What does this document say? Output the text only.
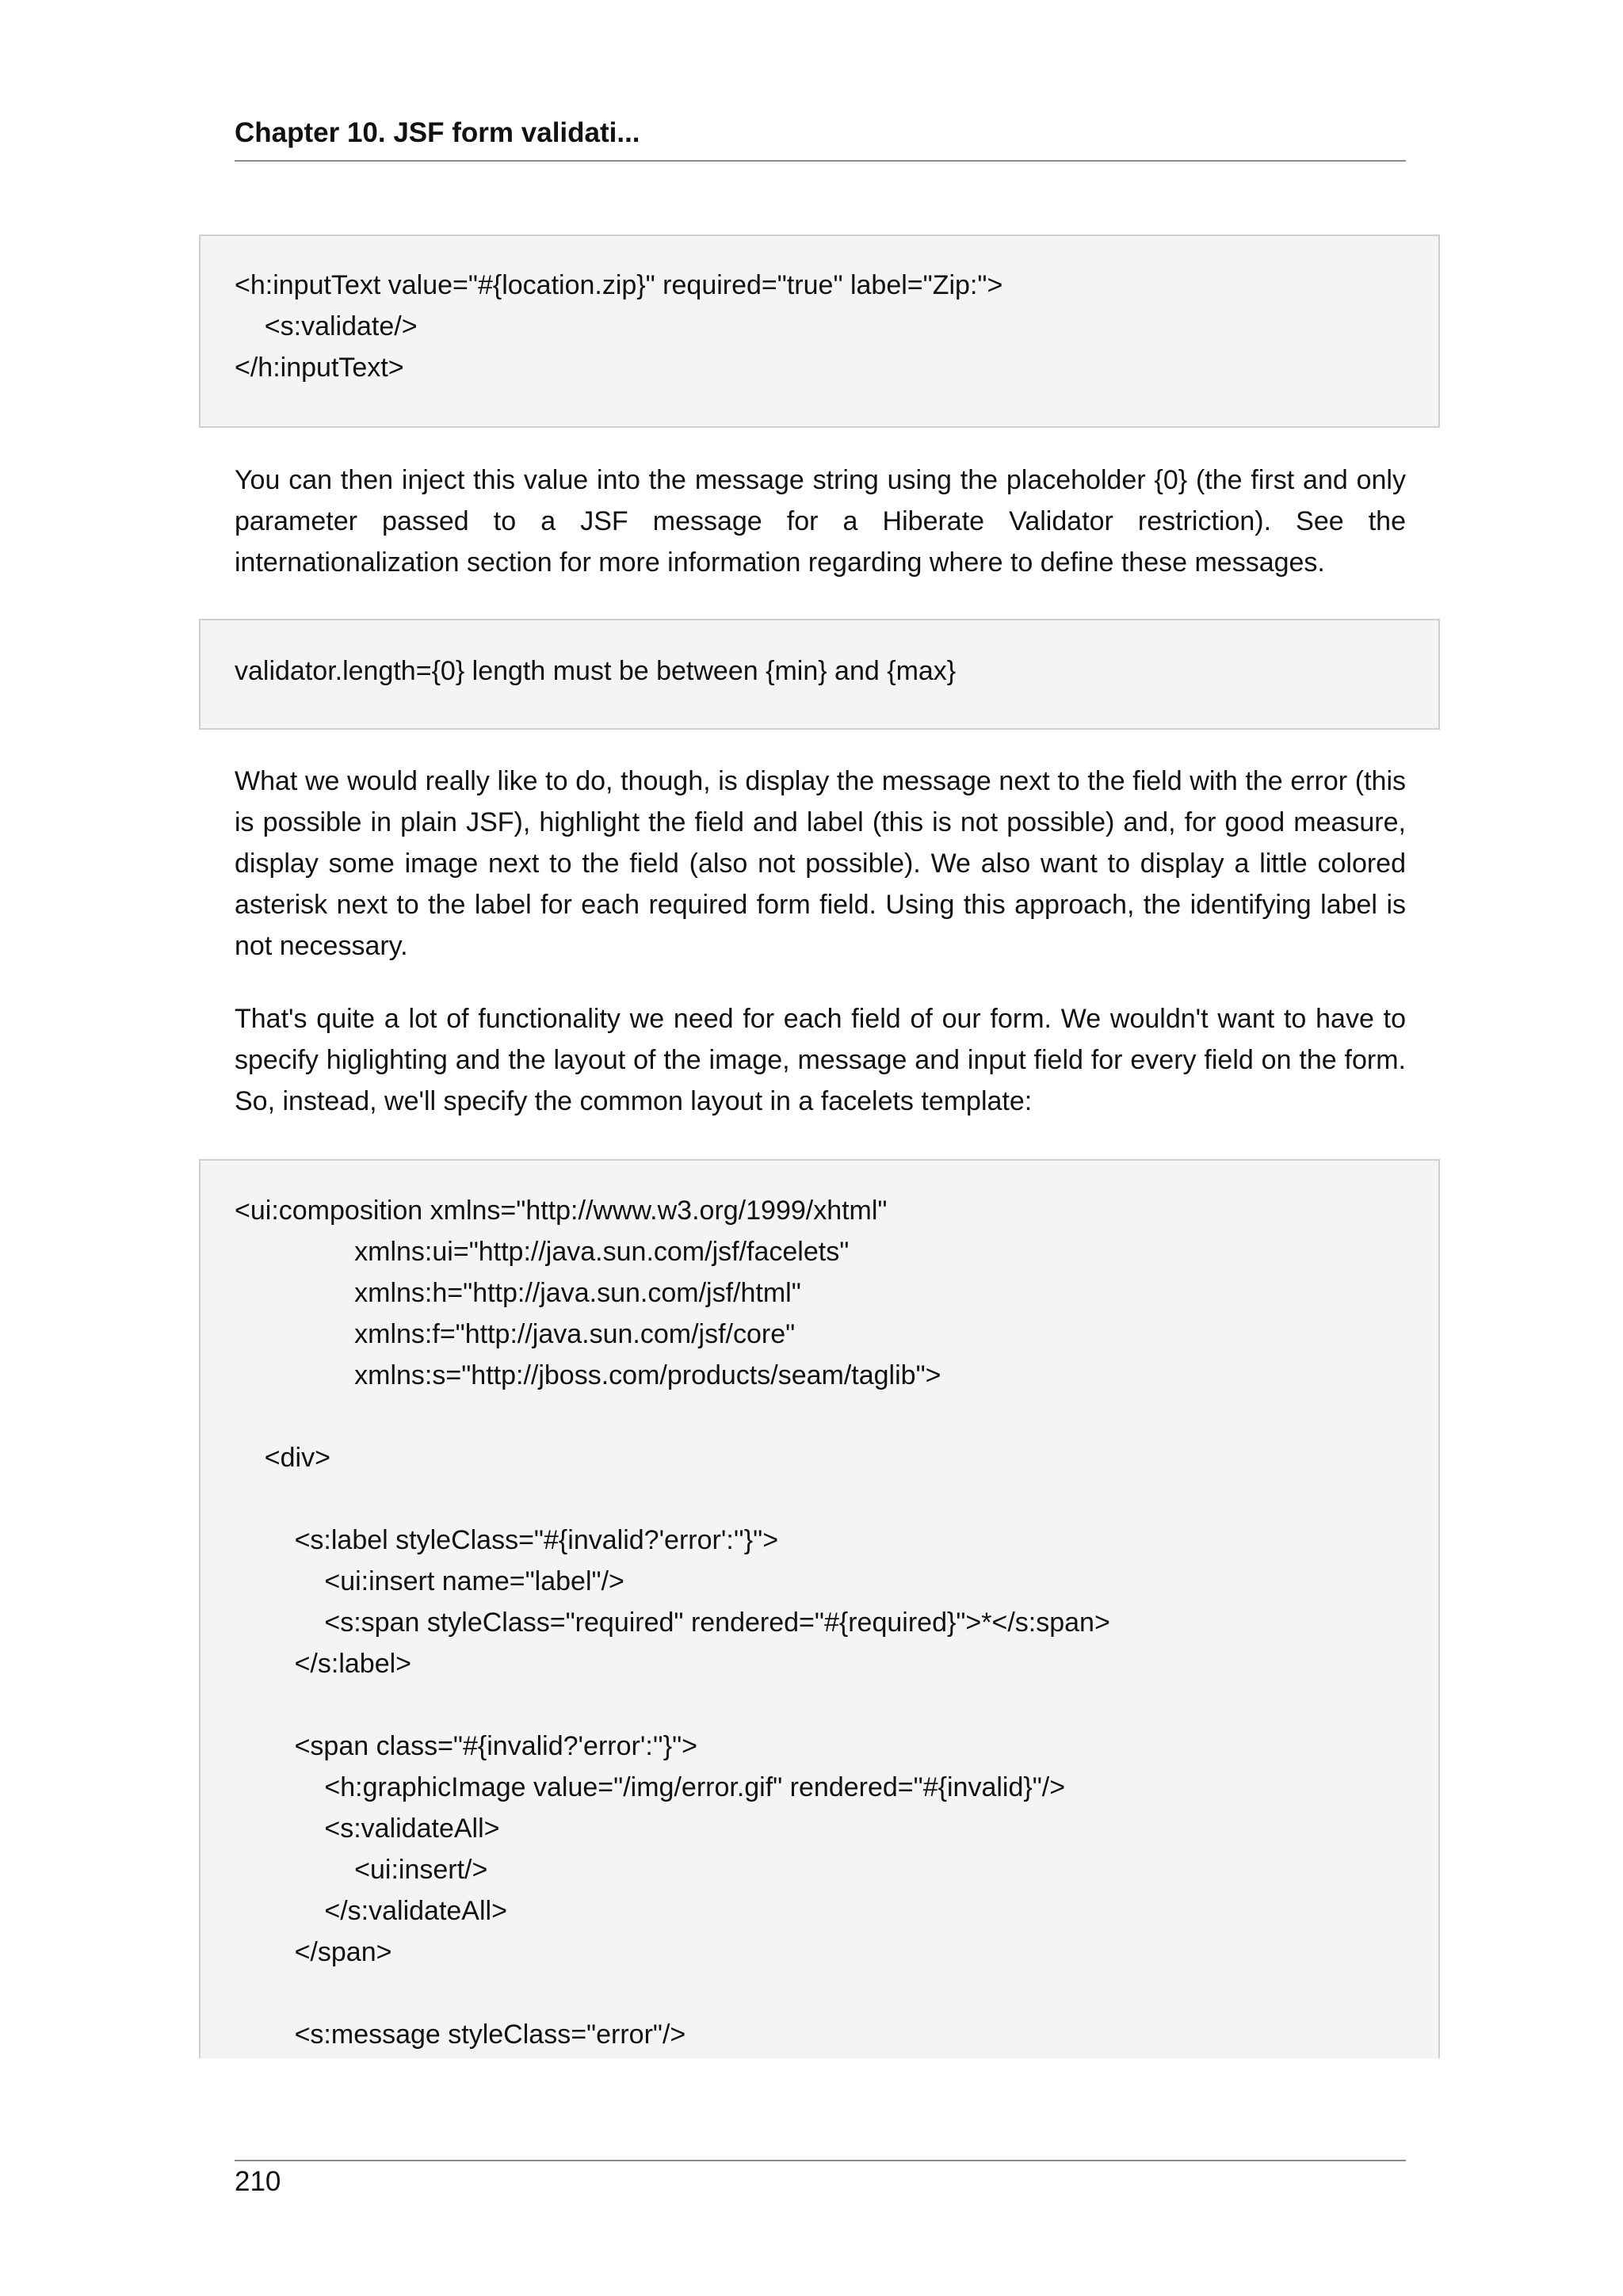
Chapter 10. JSF form validati...
<h:inputText value="#{location.zip}" required="true" label="Zip:">
<s:validate/>
</h:inputText>
You can then inject this value into the message string using the placeholder {0} (the first and only parameter passed to a JSF message for a Hiberate Validator restriction). See the internationalization section for more information regarding where to define these messages.
validator.length={0} length must be between {min} and {max}
What we would really like to do, though, is display the message next to the field with the error (this is possible in plain JSF), highlight the field and label (this is not possible) and, for good measure, display some image next to the field (also not possible). We also want to display a little colored asterisk next to the label for each required form field. Using this approach, the identifying label is not necessary.
That's quite a lot of functionality we need for each field of our form. We wouldn't want to have to specify higlighting and the layout of the image, message and input field for every field on the form. So, instead, we'll specify the common layout in a facelets template:
<ui:composition xmlns="http://www.w3.org/1999/xhtml"
xmlns:ui="http://java.sun.com/jsf/facelets"
xmlns:h="http://java.sun.com/jsf/html"
xmlns:f="http://java.sun.com/jsf/core"
xmlns:s="http://jboss.com/products/seam/taglib">
<div>
<s:label styleClass="#{invalid?'error':''}">
<ui:insert name="label"/>
<s:span styleClass="required" rendered="#{required}">*</s:span>
</s:label>
<span class="#{invalid?'error':''}">
<h:graphicImage value="/img/error.gif" rendered="#{invalid}"/>
<s:validateAll>
<ui:insert/>
</s:validateAll>
</span>
<s:message styleClass="error"/>
210
